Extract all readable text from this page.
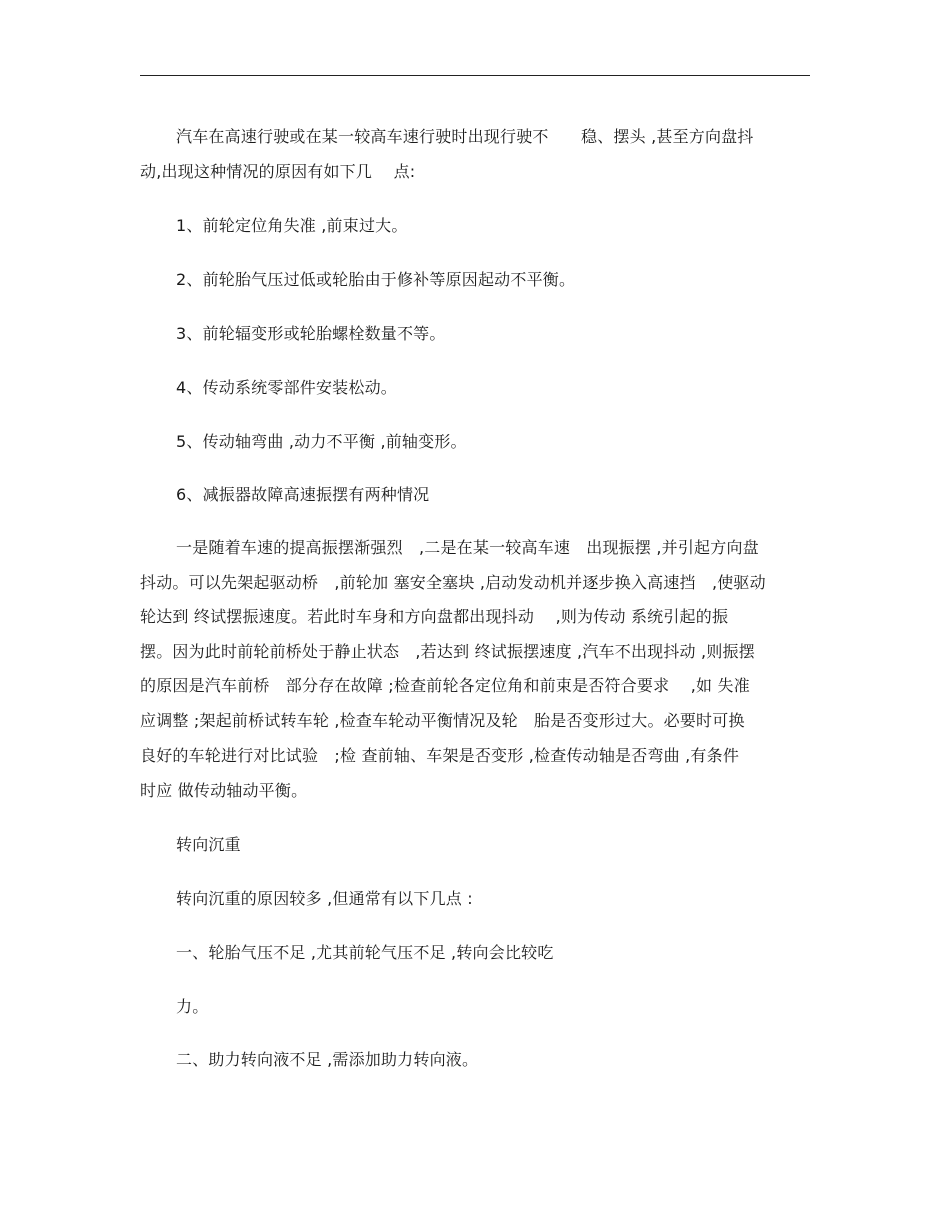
汽车在高速行驶或在某一较高车速行驶时出现行驶不　　稳、摆头 ,甚至方向盘抖
动,出现这种情况的原因有如下几　 点:
1、前轮定位角失准 ,前束过大。
2、前轮胎气压过低或轮胎由于修补等原因起动不平衡。
3、前轮辐变形或轮胎螺栓数量不等。
4、传动系统零部件安装松动。
5、传动轴弯曲 ,动力不平衡 ,前轴变形。
6、减振器故障高速振摆有两种情况
一是随着车速的提高振摆渐强烈　,二是在某一较高车速　出现振摆 ,并引起方向盘
抖动。可以先架起驱动桥　,前轮加 塞安全塞块 ,启动发动机并逐步换入高速挡　,使驱动
轮达到 终试摆振速度。若此时车身和方向盘都出现抖动　 ,则为传动 系统引起的振
摆。因为此时前轮前桥处于静止状态　,若达到 终试振摆速度 ,汽车不出现抖动 ,则振摆
的原因是汽车前桥　部分存在故障 ;检查前轮各定位角和前束是否符合要求　 ,如 失准
应调整 ;架起前桥试转车轮 ,检查车轮动平衡情况及轮　胎是否变形过大。必要时可换
良好的车轮进行对比试验　;检 查前轴、车架是否变形 ,检查传动轴是否弯曲 ,有条件
时应 做传动轴动平衡。
转向沉重
转向沉重的原因较多 ,但通常有以下几点 :
一、轮胎气压不足 ,尤其前轮气压不足 ,转向会比较吃
力。
二、助力转向液不足 ,需添加助力转向液。
